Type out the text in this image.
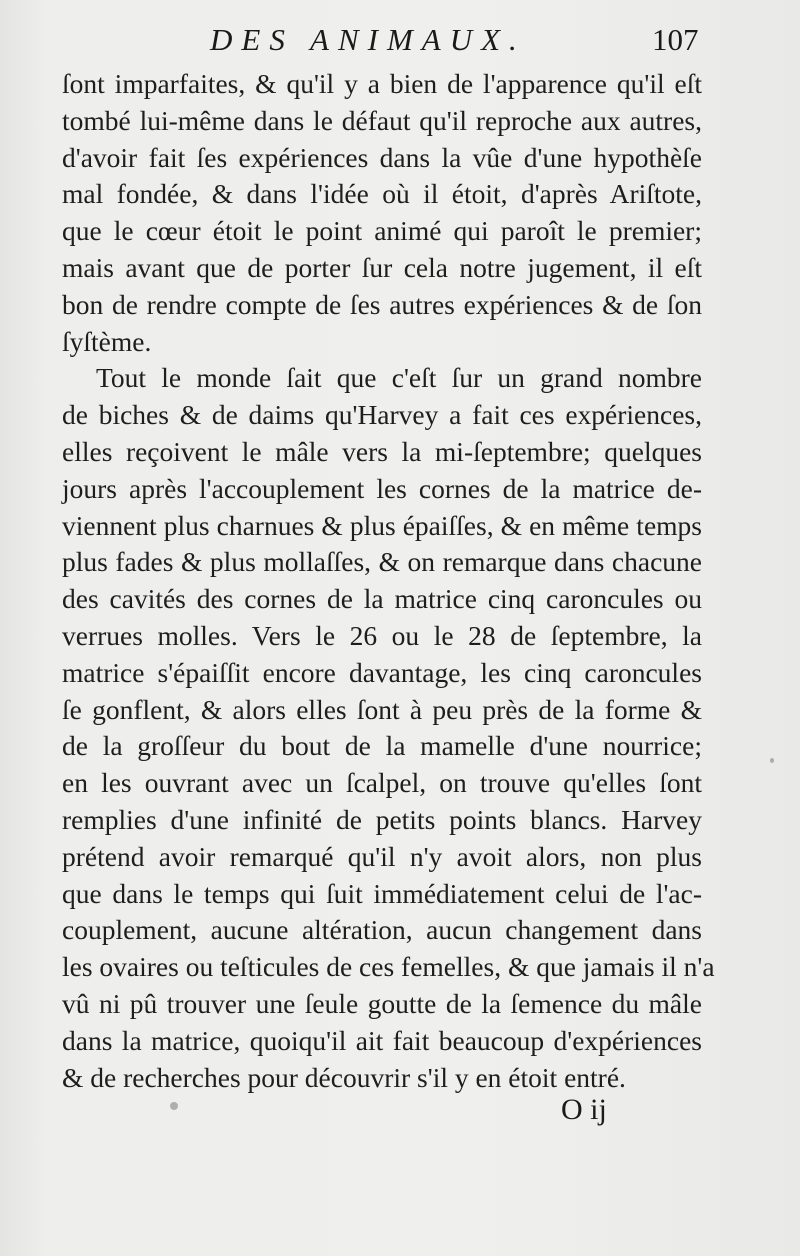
DES ANIMAUX.	107
ſont imparfaites, & qu'il y a bien de l'apparence qu'il eſt
tombé lui-même dans le défaut qu'il reproche aux autres,
d'avoir fait ſes expériences dans la vûe d'une hypothèſe
mal fondée, & dans l'idée où il étoit, d'après Ariſtote,
que le cœur étoit le point animé qui paroît le premier;
mais avant que de porter ſur cela notre jugement, il eſt
bon de rendre compte de ſes autres expériences & de ſon
ſyſtème.
Tout le monde ſait que c'eſt ſur un grand nombre
de biches & de daims qu'Harvey a fait ces expériences,
elles reçoivent le mâle vers la mi-ſeptembre; quelques
jours après l'accouplement les cornes de la matrice de-
viennent plus charnues & plus épaiſſes, & en même temps
plus fades & plus mollaſſes, & on remarque dans chacune
des cavités des cornes de la matrice cinq caroncules ou
verrues molles. Vers le 26 ou le 28 de ſeptembre, la
matrice s'épaiſſit encore davantage, les cinq caroncules
ſe gonflent, & alors elles ſont à peu près de la forme &
de la groſſeur du bout de la mamelle d'une nourrice;
en les ouvrant avec un ſcalpel, on trouve qu'elles ſont
remplies d'une infinité de petits points blancs. Harvey
prétend avoir remarqué qu'il n'y avoit alors, non plus
que dans le temps qui ſuit immédiatement celui de l'ac-
couplement, aucune altération, aucun changement dans
les ovaires ou teſticules de ces femelles, & que jamais il n'a
vû ni pû trouver une ſeule goutte de la ſemence du mâle
dans la matrice, quoiqu'il ait fait beaucoup d'expériences
& de recherches pour découvrir s'il y en étoit entré.
O ij
